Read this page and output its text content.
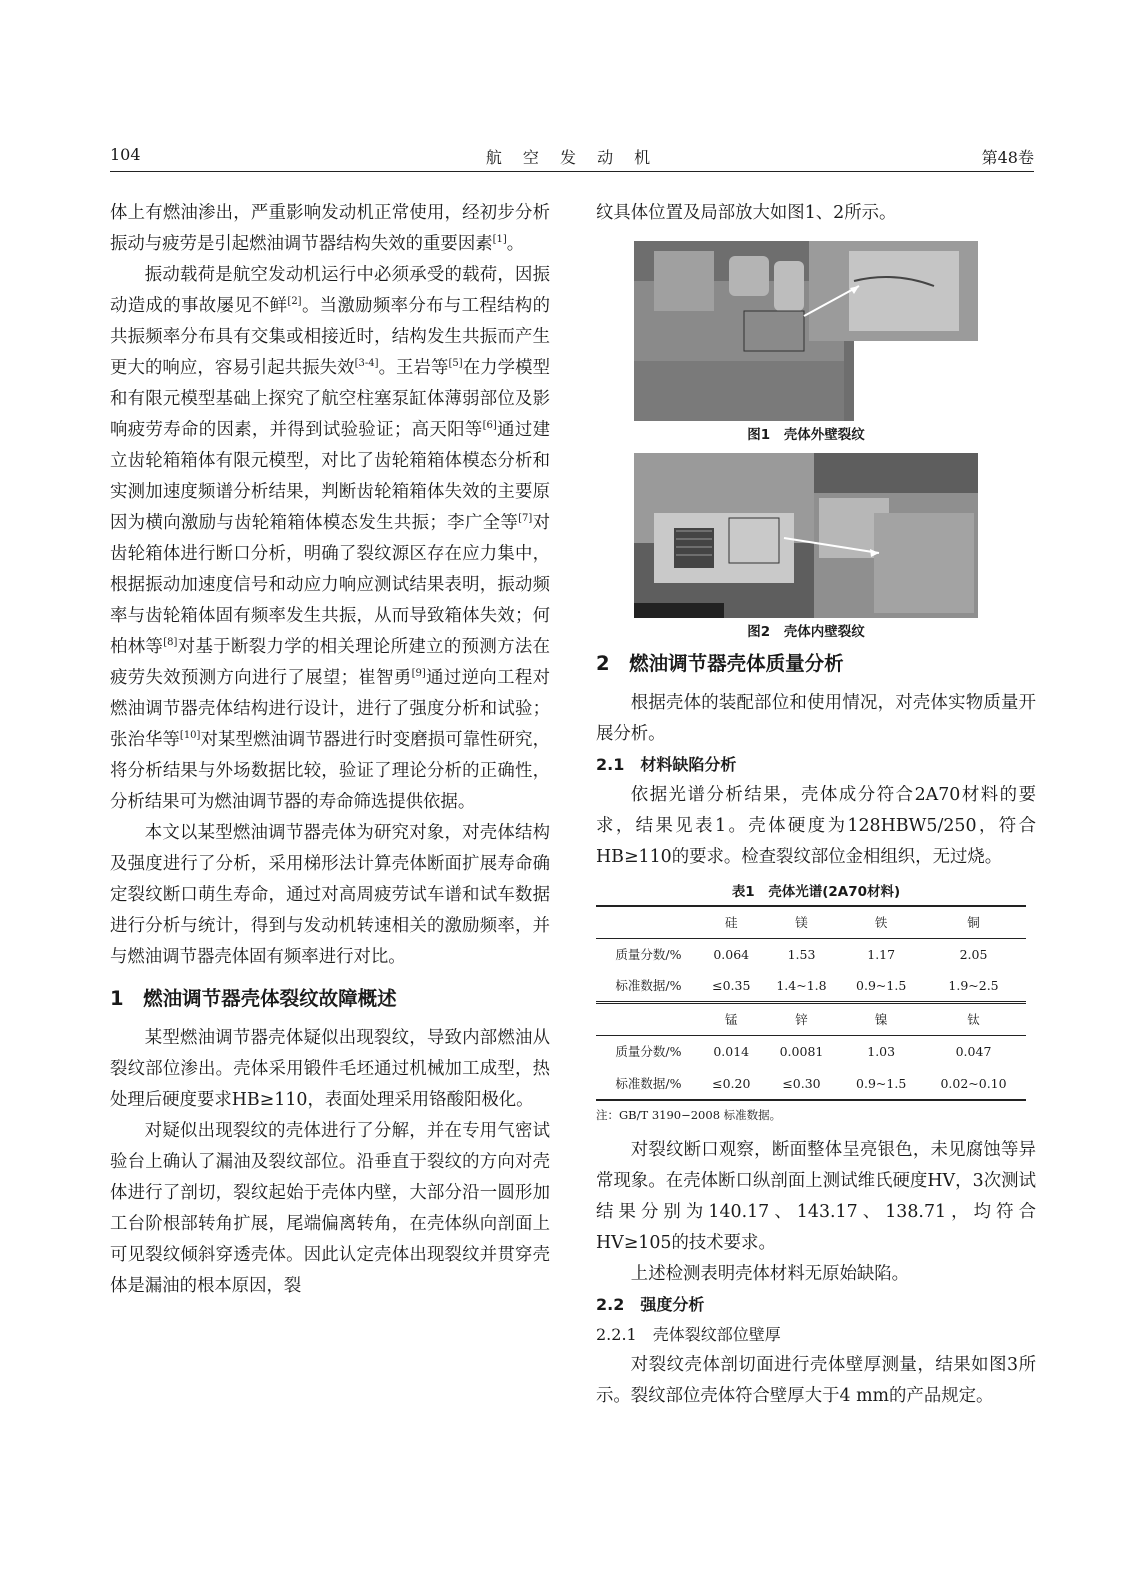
104	航 空 发 动 机	第48卷

体上有燃油渗出，严重影响发动机正常使用，经初步分析振动与疲劳是引起燃油调节器结构失效的重要因素[1]。

振动载荷是航空发动机运行中必须承受的载荷，因振动造成的事故屡见不鲜[2]。当激励频率分布与工程结构的共振频率分布具有交集或相接近时，结构发生共振而产生更大的响应，容易引起共振失效[3-4]。王岩等[5]在力学模型和有限元模型基础上探究了航空柱塞泵缸体薄弱部位及影响疲劳寿命的因素，并得到试验验证；高天阳等[6]通过建立齿轮箱箱体有限元模型，对比了齿轮箱箱体模态分析和实测加速度频谱分析结果，判断齿轮箱箱体失效的主要原因为横向激励与齿轮箱箱体模态发生共振；李广全等[7]对齿轮箱体进行断口分析，明确了裂纹源区存在应力集中，根据振动加速度信号和动应力响应测试结果表明，振动频率与齿轮箱体固有频率发生共振，从而导致箱体失效；何柏林等[8]对基于断裂力学的相关理论所建立的预测方法在疲劳失效预测方向进行了展望；崔智勇[9]通过逆向工程对燃油调节器壳体结构进行设计，进行了强度分析和试验；张治华等[10]对某型燃油调节器进行时变磨损可靠性研究，将分析结果与外场数据比较，验证了理论分析的正确性，分析结果可为燃油调节器的寿命筛选提供依据。

本文以某型燃油调节器壳体为研究对象，对壳体结构及强度进行了分析，采用梯形法计算壳体断面扩展寿命确定裂纹断口萌生寿命，通过对高周疲劳试车谱和试车数据进行分析与统计，得到与发动机转速相关的激励频率，并与燃油调节器壳体固有频率进行对比。

1　燃油调节器壳体裂纹故障概述

某型燃油调节器壳体疑似出现裂纹，导致内部燃油从裂纹部位渗出。壳体采用锻件毛坯通过机械加工成型，热处理后硬度要求HB≥110，表面处理采用铬酸阳极化。

对疑似出现裂纹的壳体进行了分解，并在专用气密试验台上确认了漏油及裂纹部位。沿垂直于裂纹的方向对壳体进行了剖切，裂纹起始于壳体内壁，大部分沿一圆形加工台阶根部转角扩展，尾端偏离转角，在壳体纵向剖面上可见裂纹倾斜穿透壳体。因此认定壳体出现裂纹并贯穿壳体是漏油的根本原因，裂

纹具体位置及局部放大如图1、2所示。

图1　壳体外壁裂纹
图2　壳体内壁裂纹
2　燃油调节器壳体质量分析

根据壳体的装配部位和使用情况，对壳体实物质量开展分析。

2.1　材料缺陷分析

依据光谱分析结果，壳体成分符合2A70材料的要求，结果见表1。壳体硬度为128HBW5/250，符合HB≥110的要求。检查裂纹部位金相组织，无过烧。

表1　壳体光谱(2A70材料)
	硅	镁	铁	铜
质量分数/%	0.064	1.53	1.17	2.05
标准数据/%	≤0.35	1.4~1.8	0.9~1.5	1.9~2.5
	锰	锌	镍	钛
质量分数/%	0.014	0.0081	1.03	0.047
标准数据/%	≤0.20	≤0.30	0.9~1.5	0.02~0.10
注：GB/T 3190−2008 标准数据。

对裂纹断口观察，断面整体呈亮银色，未见腐蚀等异常现象。在壳体断口纵剖面上测试维氏硬度HV，3次测试结果分别为140.17、143.17、138.71，均符合HV≥105的技术要求。

上述检测表明壳体材料无原始缺陷。

2.2　强度分析
2.2.1　壳体裂纹部位壁厚

对裂纹壳体剖切面进行壳体壁厚测量，结果如图3所示。裂纹部位壳体符合壁厚大于4 mm的产品规定。
